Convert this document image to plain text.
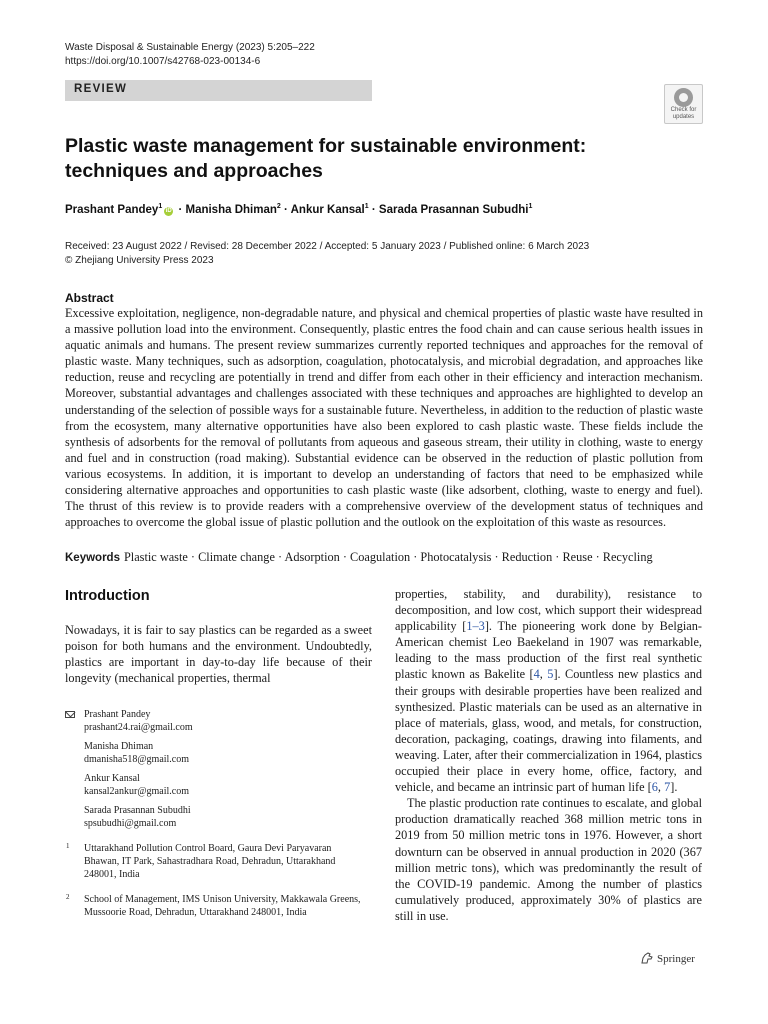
Waste Disposal & Sustainable Energy (2023) 5:205–222
https://doi.org/10.1007/s42768-023-00134-6
REVIEW
Check for
updates
Plastic waste management for sustainable environment: techniques and approaches
Prashant Pandey$^1$iD · Manisha Dhiman$^2$ · Ankur Kansal$^1$ · Sarada Prasannan Subudhi$^1$
Received: 23 August 2022 / Revised: 28 December 2022 / Accepted: 5 January 2023 / Published online: 6 March 2023
© Zhejiang University Press 2023
Abstract

Excessive exploitation, negligence, non-degradable nature, and physical and chemical properties of plastic waste have resulted in a massive pollution load into the environment. Consequently, plastic entres the food chain and can cause serious health issues in aquatic animals and humans. The present review summarizes currently reported techniques and approaches for the removal of plastic waste. Many techniques, such as adsorption, coagulation, photocatalysis, and microbial degradation, and approaches like reduction, reuse and recycling are potentially in trend and differ from each other in their efficiency and interaction mechanism. Moreover, substantial advantages and challenges associated with these techniques and approaches are highlighted to develop an understanding of the selection of possible ways for a sustainable future. Nevertheless, in addition to the reduction of plastic waste from the ecosystem, many alternative opportunities have also been explored to cash plastic waste. These fields include the synthesis of adsorbents for the removal of pollutants from aqueous and gaseous stream, their utility in clothing, waste to energy and fuel and in construction (road making). Substantial evidence can be observed in the reduction of plastic pollution from various ecosystems. In addition, it is important to develop an understanding of factors that need to be emphasized while considering alternative approaches and opportunities to cash plastic waste (like adsorbent, clothing, waste to energy and fuel). The thrust of this review is to provide readers with a comprehensive overview of the development status of techniques and approaches to overcome the global issue of plastic pollution and the outlook on the exploitation of this waste as resources.

Keywords Plastic waste · Climate change · Adsorption · Coagulation · Photocatalysis · Reduction · Reuse · Recycling
Introduction

Nowadays, it is fair to say plastics can be regarded as a sweet poison for both humans and the environment. Undoubtedly, plastics are important in day-to-day life because of their longevity (mechanical properties, thermal

properties, stability, and durability), resistance to decomposition, and low cost, which support their widespread applicability [1–3]. The pioneering work done by Belgian-American chemist Leo Baekeland in 1907 was remarkable, leading to the mass production of the first real synthetic plastic known as Bakelite [4, 5]. Countless new plastics and their groups with desirable properties have been realized and synthesized. Plastic materials can be used as an alternative in place of materials, glass, wood, and metals, for construction, decoration, packaging, coatings, drawing into filaments, and weaving. Later, after their commercialization in 1964, plastics occupied their place in every home, office, factory, and vehicle, and became an intrinsic part of human life [6, 7].

The plastic production rate continues to escalate, and global production dramatically reached 368 million metric tons in 2019 from 50 million metric tons in 1976. However, a short downturn can be observed in annual production in 2020 (367 million metric tons), which was predominantly the result of the COVID-19 pandemic. Among the number of plastics cumulatively produced, approximately 30% of plastics are still in use.

Prashant Pandey
prashant24.rai@gmail.com
Manisha Dhiman
dmanisha518@gmail.com
Ankur Kansal
kansal2ankur@gmail.com
Sarada Prasannan Subudhi
spsubudhi@gmail.com
1 Uttarakhand Pollution Control Board, Gaura Devi Paryavaran Bhawan, IT Park, Sahastradhara Road, Dehradun, Uttarakhand 248001, India
2 School of Management, IMS Unison University, Makkawala Greens, Mussoorie Road, Dehradun, Uttarakhand 248001, India
Springer
